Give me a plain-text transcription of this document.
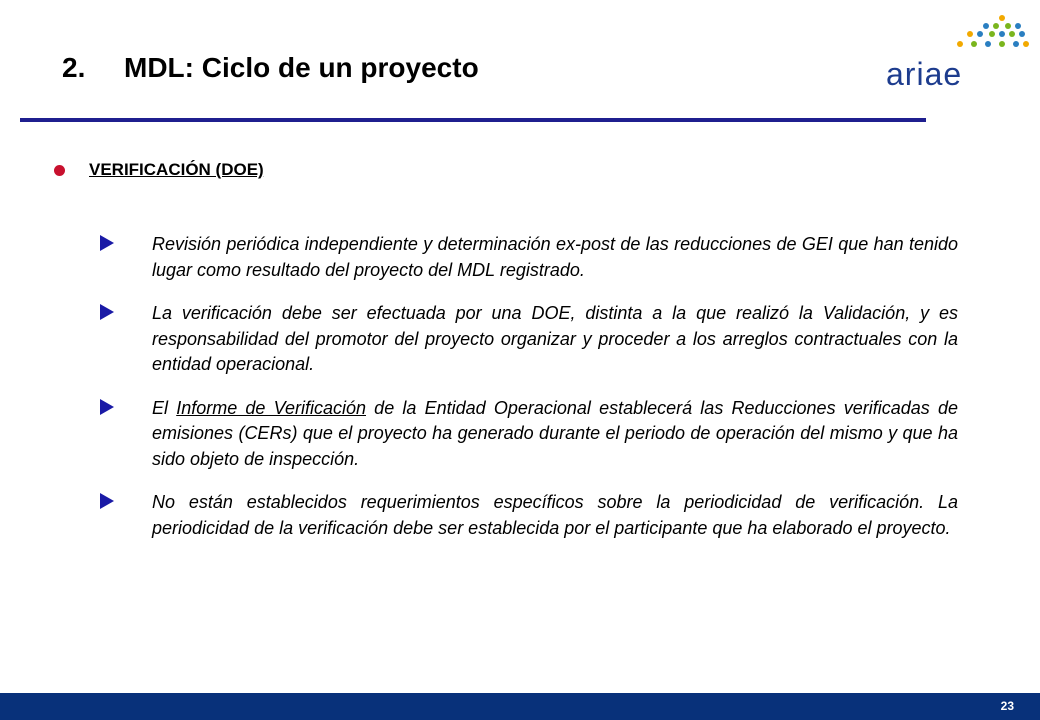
2.	MDL: Ciclo de un proyecto	ariae
VERIFICACIÓN (DOE)
Revisión periódica independiente y determinación ex-post de las reducciones de GEI que han tenido lugar como resultado del proyecto del MDL registrado.
La verificación debe ser efectuada por una DOE, distinta a la que realizó la Validación, y es responsabilidad del promotor del proyecto organizar y proceder a los arreglos contractuales con la entidad operacional.
El Informe de Verificación de la Entidad Operacional establecerá las Reducciones verificadas de emisiones (CERs) que el proyecto ha generado durante el periodo de operación del mismo y que ha sido objeto de inspección.
No están establecidos requerimientos específicos sobre la periodicidad de verificación. La periodicidad de la verificación debe ser establecida por el participante que ha elaborado el proyecto.
23
